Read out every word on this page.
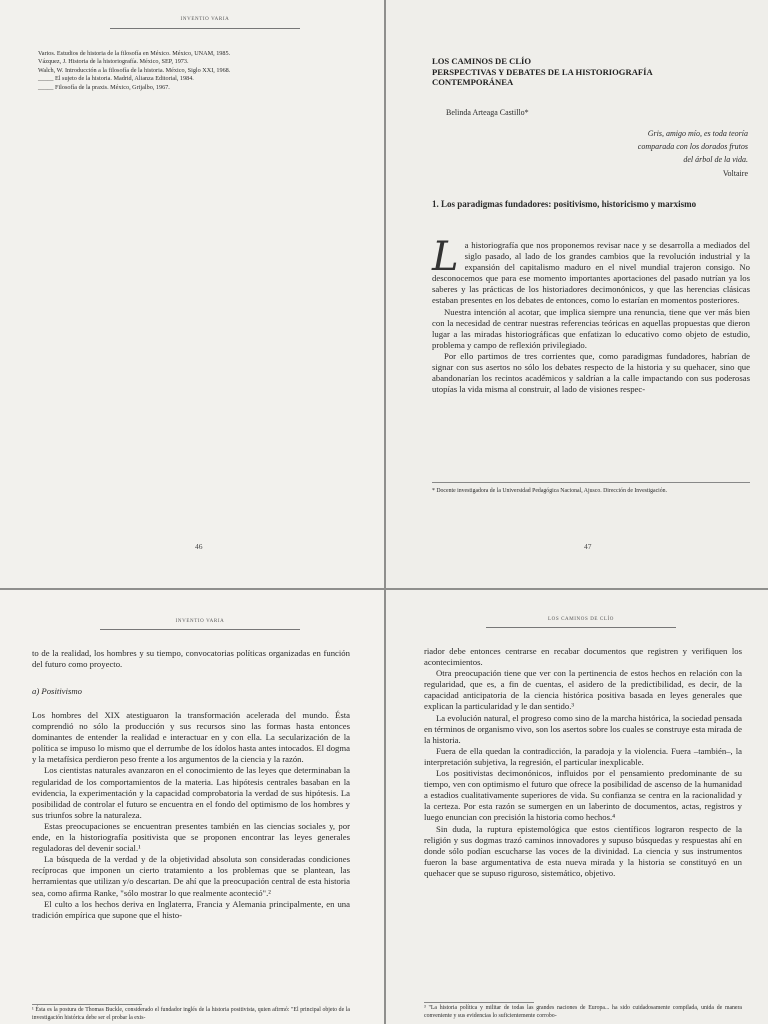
INVENTIO VARIA
Varios. Estudios de historia de la filosofía en México. México, UNAM, 1985.
Vázquez, J. Historia de la historiografía. México, SEP, 1973.
Walch, W. Introducción a la filosofía de la historia. México, Siglo XXI, 1968.
_____ El sujeto de la historia. Madrid, Alianza Editorial, 1984.
_____ Filosofía de la praxis. México, Grijalbo, 1967.
46
LOS CAMINOS DE CLÍO
PERSPECTIVAS Y DEBATES DE LA HISTORIOGRAFÍA
CONTEMPORÁNEA
Belinda Arteaga Castillo*
Gris, amigo mío, es toda teoría
comparada con los dorados frutos
del árbol de la vida.
Voltaire
1. Los paradigmas fundadores: positivismo, historicismo y marxismo

La historiografía que nos proponemos revisar nace y se desarrolla a mediados del siglo pasado, al lado de los grandes cambios que la revolución industrial y la expansión del capitalismo maduro en el nivel mundial trajeron consigo. No desconocemos que para ese momento importantes aportaciones del pasado nutrían ya los saberes y las prácticas de los historiadores decimonónicos, y que las herencias clásicas estaban presentes en los debates de entonces, como lo estarían en momentos posteriores.

Nuestra intención al acotar, que implica siempre una renuncia, tiene que ver más bien con la necesidad de centrar nuestras referencias teóricas en aquellas propuestas que dieron lugar a las miradas historiográficas que enfatizan lo educativo como objeto de estudio, problema y campo de reflexión privilegiado.

Por ello partimos de tres corrientes que, como paradigmas fundadores, habrían de signar con sus asertos no sólo los debates respecto de la historia y su quehacer, sino que abandonarían los recintos académicos y saldrían a la calle impactando con sus poderosas utopías la vida misma al construir, al lado de visiones respec-

* Docente investigadora de la Universidad Pedagógica Nacional, Ajusco. Dirección de Investigación.
47
INVENTIO VARIA

to de la realidad, los hombres y su tiempo, convocatorias políticas organizadas en función del futuro como proyecto.

a) Positivismo

Los hombres del XIX atestiguaron la transformación acelerada del mundo. Ésta comprendió no sólo la producción y sus recursos sino las formas hasta entonces dominantes de entender la realidad e interactuar en y con ella. La secularización de la política se impuso lo mismo que el derrumbe de los ídolos hasta antes intocados. El dogma y la metafísica perdieron peso frente a los argumentos de la ciencia y la razón.

Los cientistas naturales avanzaron en el conocimiento de las leyes que determinaban la regularidad de los comportamientos de la materia. Las hipótesis centrales basaban en la evidencia, la experimentación y la capacidad comprobatoria la verdad de sus hipótesis. La posibilidad de controlar el futuro se encuentra en el fondo del optimismo de los hombres y sus triunfos sobre la naturaleza.

Estas preocupaciones se encuentran presentes también en las ciencias sociales y, por ende, en la historiografía positivista que se proponen encontrar las leyes generales reguladoras del devenir social.¹

La búsqueda de la verdad y de la objetividad absoluta son consideradas condiciones recíprocas que imponen un cierto tratamiento a los problemas que se plantean, las herramientas que utilizan y/o descartan. De ahí que la preocupación central de esta historia sea, como afirma Ranke, "sólo mostrar lo que realmente aconteció".²

El culto a los hechos deriva en Inglaterra, Francia y Alemania principalmente, en una tradición empírica que supone que el histo-

¹ Ésta es la postura de Thomas Buckle, considerado el fundador inglés de la historia positivista, quien afirmó: "El principal objeto de la investigación histórica debe ser el probar la exis-
LOS CAMINOS DE CLÍO

riador debe entonces centrarse en recabar documentos que registren y verifiquen los acontecimientos.

Otra preocupación tiene que ver con la pertinencia de estos hechos en relación con la regularidad, que es, a fin de cuentas, el asidero de la predictibilidad, es decir, de la capacidad anticipatoria de la ciencia histórica positiva basada en leyes generales que explican la particularidad y le dan sentido.³

La evolución natural, el progreso como sino de la marcha histórica, la sociedad pensada en términos de organismo vivo, son los asertos sobre los cuales se construye esta mirada de la historia.

Fuera de ella quedan la contradicción, la paradoja y la violencia. Fuera –también–, la interpretación subjetiva, la regresión, el particular inexplicable.

Los positivistas decimonónicos, influidos por el pensamiento predominante de su tiempo, ven con optimismo el futuro que ofrece la posibilidad de ascenso de la humanidad a estadios cualitativamente superiores de vida. Su confianza se centra en la racionalidad y la certeza. Por esta razón se sumergen en un laberinto de documentos, actas, registros y luego enuncian con precisión la historia como hechos.⁴

Sin duda, la ruptura epistemológica que estos científicos lograron respecto de la religión y sus dogmas trazó caminos innovadores y supuso búsquedas y respuestas ahí en donde sólo podían escucharse las voces de la divinidad. La ciencia y sus instrumentos fueron la base argumentativa de esta nueva mirada y la historia se constituyó en un quehacer que se supuso riguroso, sistemático, objetivo.

³ "La historia política y militar de todas las grandes naciones de Europa... ha sido cuidadosamente compilada, unida de manera conveniente y sus evidencias lo suficientemente corrobo-
